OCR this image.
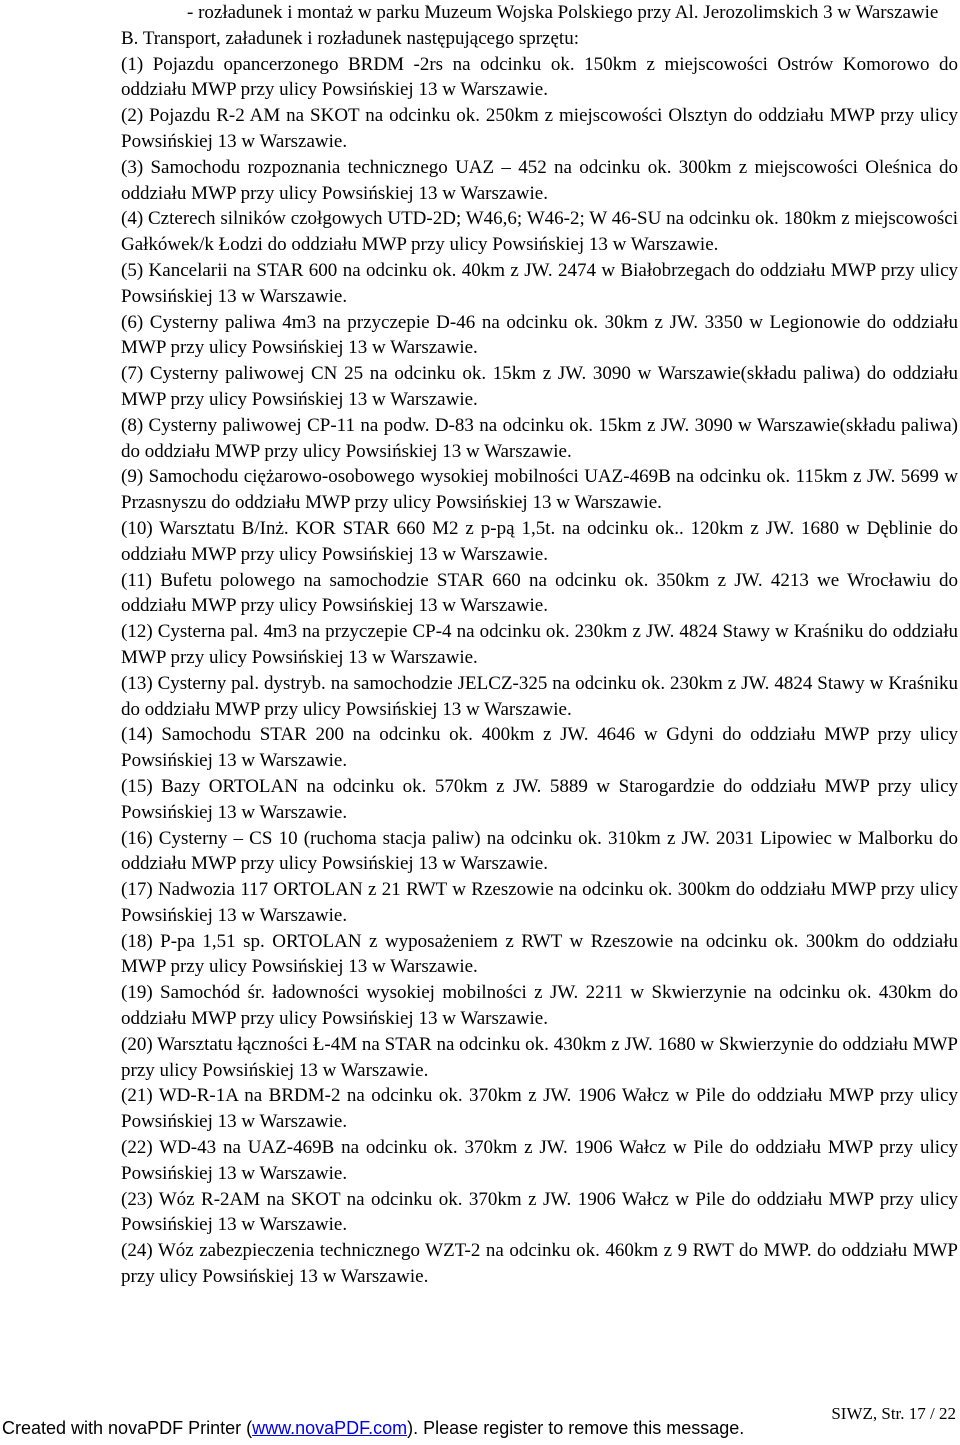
- rozładunek i montaż w parku Muzeum Wojska Polskiego przy Al. Jerozolimskich 3 w Warszawie

B. Transport, załadunek i rozładunek następującego sprzętu:

(1) Pojazdu opancerzonego BRDM -2rs na odcinku ok. 150km z miejscowości Ostrów Komorowo do oddziału MWP przy ulicy Powsińskiej 13 w Warszawie.

(2) Pojazdu R-2 AM na SKOT na odcinku ok. 250km z miejscowości Olsztyn do oddziału MWP przy ulicy Powsińskiej 13 w Warszawie.

(3) Samochodu rozpoznania technicznego UAZ – 452 na odcinku ok. 300km z miejscowości Oleśnica do oddziału MWP przy ulicy Powsińskiej 13 w Warszawie.

(4) Czterech silników czołgowych UTD-2D; W46,6; W46-2; W 46-SU na odcinku ok. 180km z miejscowości Gałkówek/k Łodzi do oddziału MWP przy ulicy Powsińskiej 13 w Warszawie.

(5) Kancelarii na STAR 600 na odcinku ok. 40km z JW. 2474 w Białobrzegach do oddziału MWP przy ulicy Powsińskiej 13 w Warszawie.

(6) Cysterny paliwa 4m3 na przyczepie D-46 na odcinku ok. 30km z JW. 3350 w Legionowie do oddziału MWP przy ulicy Powsińskiej 13 w Warszawie.

(7) Cysterny paliwowej CN 25 na odcinku ok. 15km z JW. 3090 w Warszawie(składu paliwa) do oddziału MWP przy ulicy Powsińskiej 13 w Warszawie.

(8) Cysterny paliwowej CP-11 na podw. D-83 na odcinku ok. 15km z JW. 3090 w Warszawie(składu paliwa) do oddziału MWP przy ulicy Powsińskiej 13 w Warszawie.

(9) Samochodu ciężarowo-osobowego wysokiej mobilności UAZ-469B na odcinku ok. 115km z JW. 5699 w Przasnyszu do oddziału MWP przy ulicy Powsińskiej 13 w Warszawie.

(10) Warsztatu B/Inż. KOR STAR 660 M2 z p-pą 1,5t. na odcinku ok.. 120km z JW. 1680 w Dęblinie do oddziału MWP przy ulicy Powsińskiej 13 w Warszawie.

(11) Bufetu polowego na samochodzie STAR 660 na odcinku ok. 350km z JW. 4213 we Wrocławiu do oddziału MWP przy ulicy Powsińskiej 13 w Warszawie.

(12) Cysterna pal. 4m3 na przyczepie CP-4 na odcinku ok. 230km z JW. 4824 Stawy w Kraśniku do oddziału MWP przy ulicy Powsińskiej 13 w Warszawie.

(13) Cysterny pal. dystryb. na samochodzie JELCZ-325 na odcinku ok. 230km z JW. 4824 Stawy w Kraśniku do oddziału MWP przy ulicy Powsińskiej 13 w Warszawie.

(14) Samochodu STAR 200 na odcinku ok. 400km z JW. 4646 w Gdyni do oddziału MWP przy ulicy Powsińskiej 13 w Warszawie.

(15) Bazy ORTOLAN na odcinku ok. 570km z JW. 5889 w Starogardzie do oddziału MWP przy ulicy Powsińskiej 13 w Warszawie.

(16) Cysterny – CS 10 (ruchoma stacja paliw) na odcinku ok. 310km z JW. 2031 Lipowiec w Malborku do oddziału MWP przy ulicy Powsińskiej 13 w Warszawie.

(17) Nadwozia 117 ORTOLAN z 21 RWT w Rzeszowie na odcinku ok. 300km do oddziału MWP przy ulicy Powsińskiej 13 w Warszawie.

(18) P-pa 1,51 sp. ORTOLAN z wyposażeniem z RWT w Rzeszowie na odcinku ok. 300km do oddziału MWP przy ulicy Powsińskiej 13 w Warszawie.

(19) Samochód śr. ładowności wysokiej mobilności z JW. 2211 w Skwierzynie na odcinku ok. 430km do oddziału MWP przy ulicy Powsińskiej 13 w Warszawie.

(20) Warsztatu łączności Ł-4M na STAR na odcinku ok. 430km z JW. 1680 w Skwierzynie do oddziału MWP przy ulicy Powsińskiej 13 w Warszawie.

(21) WD-R-1A na BRDM-2 na odcinku ok. 370km z JW. 1906 Wałcz w Pile do oddziału MWP przy ulicy Powsińskiej 13 w Warszawie.

(22) WD-43 na UAZ-469B na odcinku ok. 370km z JW. 1906 Wałcz w Pile do oddziału MWP przy ulicy Powsińskiej 13 w Warszawie.

(23) Wóz R-2AM na SKOT na odcinku ok. 370km z JW. 1906 Wałcz w Pile do oddziału MWP przy ulicy Powsińskiej 13 w Warszawie.

(24) Wóz zabezpieczenia technicznego WZT-2 na odcinku ok. 460km z 9 RWT do MWP. do oddziału MWP przy ulicy Powsińskiej 13 w Warszawie.

SIWZ, Str. 17 / 22
Created with novaPDF Printer (www.novaPDF.com). Please register to remove this message.
